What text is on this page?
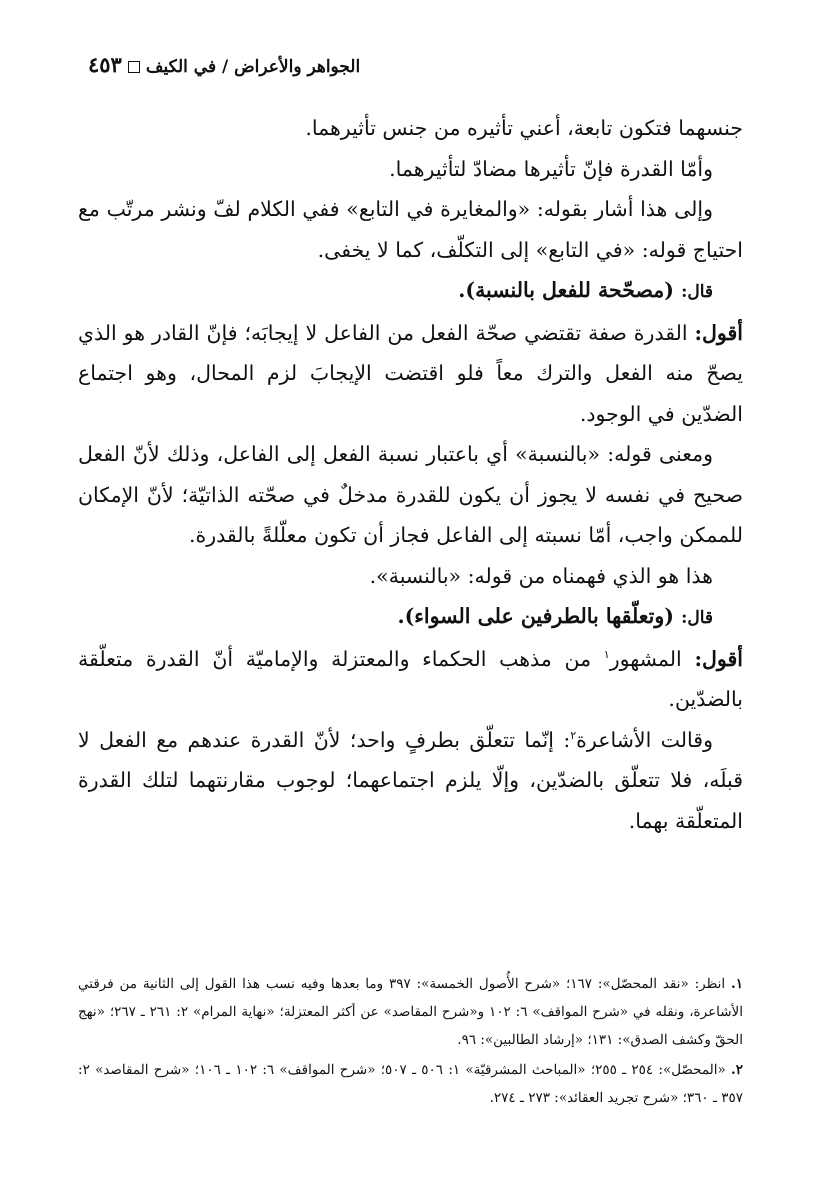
الجواهر والأعراض / في الكيف٤٥٣

جنسهما فتكون تابعة، أعني تأثيره من جنس تأثيرهما.

وأمّا القدرة فإنّ تأثيرها مضادّ لتأثيرهما.

وإلى هذا أشار بقوله: «والمغايرة في التابع» ففي الكلام لفّ ونشر مرتّب مع احتياج قوله: «في التابع» إلى التكلّف، كما لا يخفى.

قال: (مصحّحة للفعل بالنسبة).

أقول: القدرة صفة تقتضي صحّة الفعل من الفاعل لا إيجابَه؛ فإنّ القادر هو الذي يصحّ منه الفعل والترك معاً فلو اقتضت الإيجابَ لزم المحال، وهو اجتماع الضدّين في الوجود.

ومعنى قوله: «بالنسبة» أي باعتبار نسبة الفعل إلى الفاعل، وذلك لأنّ الفعل صحيح في نفسه لا يجوز أن يكون للقدرة مدخلٌ في صحّته الذاتيّة؛ لأنّ الإمكان للممكن واجب، أمّا نسبته إلى الفاعل فجاز أن تكون معلّلةً بالقدرة.

هذا هو الذي فهمناه من قوله: «بالنسبة».

قال: (وتعلّقها بالطرفين على السواء).

أقول: المشهور$^١$ من مذهب الحكماء والمعتزلة والإماميّة أنّ القدرة متعلّقة بالضدّين.

وقالت الأشاعرة$^٢$: إنّما تتعلّق بطرفٍ واحد؛ لأنّ القدرة عندهم مع الفعل لا قبلَه، فلا تتعلّق بالضدّين، وإلّا يلزم اجتماعهما؛ لوجوب مقارنتهما لتلك القدرة المتعلّقة بهما.

١. انظر: «نقد المحصّل»: ١٦٧؛ «شرح الأُصول الخمسة»: ٣٩٧ وما بعدها وفيه نسب هذا القول إلى الثانية من فرقتي الأشاعرة، ونقله في «شرح المواقف» ٦: ١٠٢ و«شرح المقاصد» عن أكثر المعتزلة؛ «نهاية المرام» ٢: ٢٦١ ـ ٢٦٧؛ «نهج الحقّ وكشف الصدق»: ١٣١؛ «إرشاد الطالبين»: ٩٦.

٢. «المحصّل»: ٢٥٤ ـ ٢٥٥؛ «المباحث المشرقيّة» ١: ٥٠٦ ـ ٥٠٧؛ «شرح المواقف» ٦: ١٠٢ ـ ١٠٦؛ «شرح المقاصد» ٢: ٣٥٧ ـ ٣٦٠؛ «شرح تجريد العقائد»: ٢٧٣ ـ ٢٧٤.
